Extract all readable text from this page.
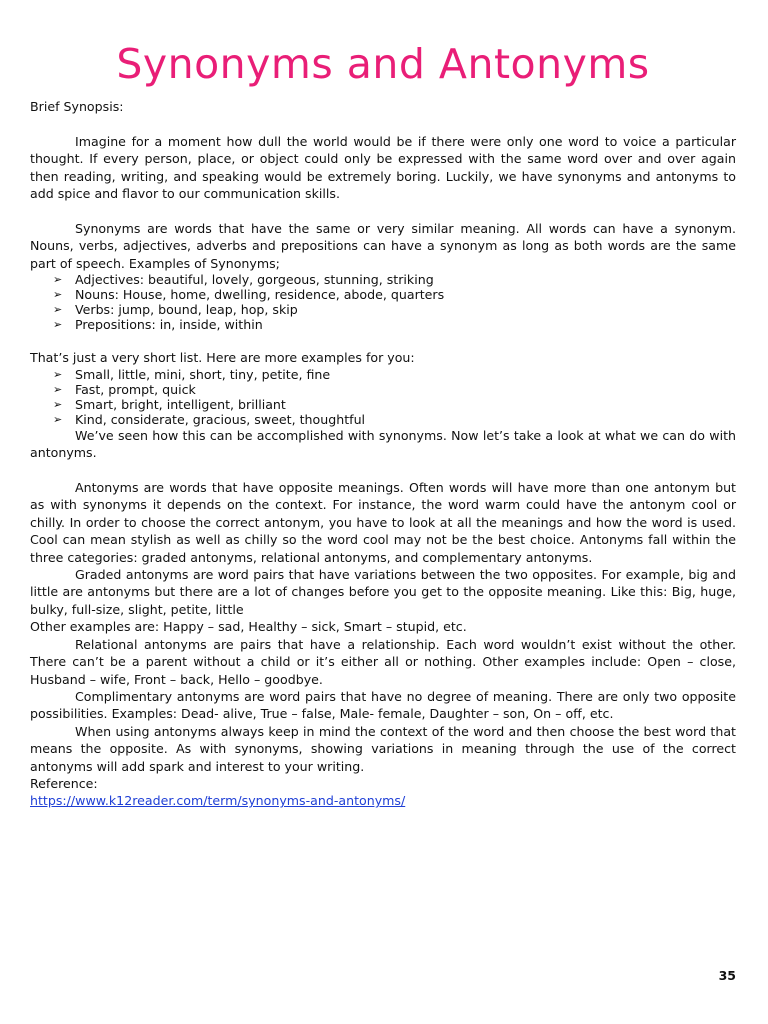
Synonyms and Antonyms

Brief Synopsis:

Imagine for a moment how dull the world would be if there were only one word to voice a particular thought. If every person, place, or object could only be expressed with the same word over and over again then reading, writing, and speaking would be extremely boring. Luckily, we have synonyms and antonyms to add spice and flavor to our communication skills.

Synonyms are words that have the same or very similar meaning. All words can have a synonym. Nouns, verbs, adjectives, adverbs and prepositions can have a synonym as long as both words are the same part of speech. Examples of Synonyms;

➢ Adjectives: beautiful, lovely, gorgeous, stunning, striking
➢ Nouns: House, home, dwelling, residence, abode, quarters
➢ Verbs: jump, bound, leap, hop, skip
➢ Prepositions: in, inside, within

That’s just a very short list. Here are more examples for you:

➢ Small, little, mini, short, tiny, petite, fine
➢ Fast, prompt, quick
➢ Smart, bright, intelligent, brilliant
➢ Kind, considerate, gracious, sweet, thoughtful

We’ve seen how this can be accomplished with synonyms. Now let’s take a look at what we can do with antonyms.

Antonyms are words that have opposite meanings. Often words will have more than one antonym but as with synonyms it depends on the context. For instance, the word warm could have the antonym cool or chilly. In order to choose the correct antonym, you have to look at all the meanings and how the word is used. Cool can mean stylish as well as chilly so the word cool may not be the best choice. Antonyms fall within the three categories: graded antonyms, relational antonyms, and complementary antonyms.

Graded antonyms are word pairs that have variations between the two opposites. For example, big and little are antonyms but there are a lot of changes before you get to the opposite meaning. Like this: Big, huge, bulky, full-size, slight, petite, little

Other examples are: Happy – sad, Healthy – sick, Smart – stupid, etc.

Relational antonyms are pairs that have a relationship. Each word wouldn’t exist without the other. There can’t be a parent without a child or it’s either all or nothing. Other examples include: Open – close, Husband – wife, Front – back, Hello – goodbye.

Complimentary antonyms are word pairs that have no degree of meaning. There are only two opposite possibilities. Examples: Dead- alive, True – false, Male- female, Daughter – son, On – off, etc.

When using antonyms always keep in mind the context of the word and then choose the best word that means the opposite. As with synonyms, showing variations in meaning through the use of the correct antonyms will add spark and interest to your writing.

Reference:

https://www.k12reader.com/term/synonyms-and-antonyms/

35
